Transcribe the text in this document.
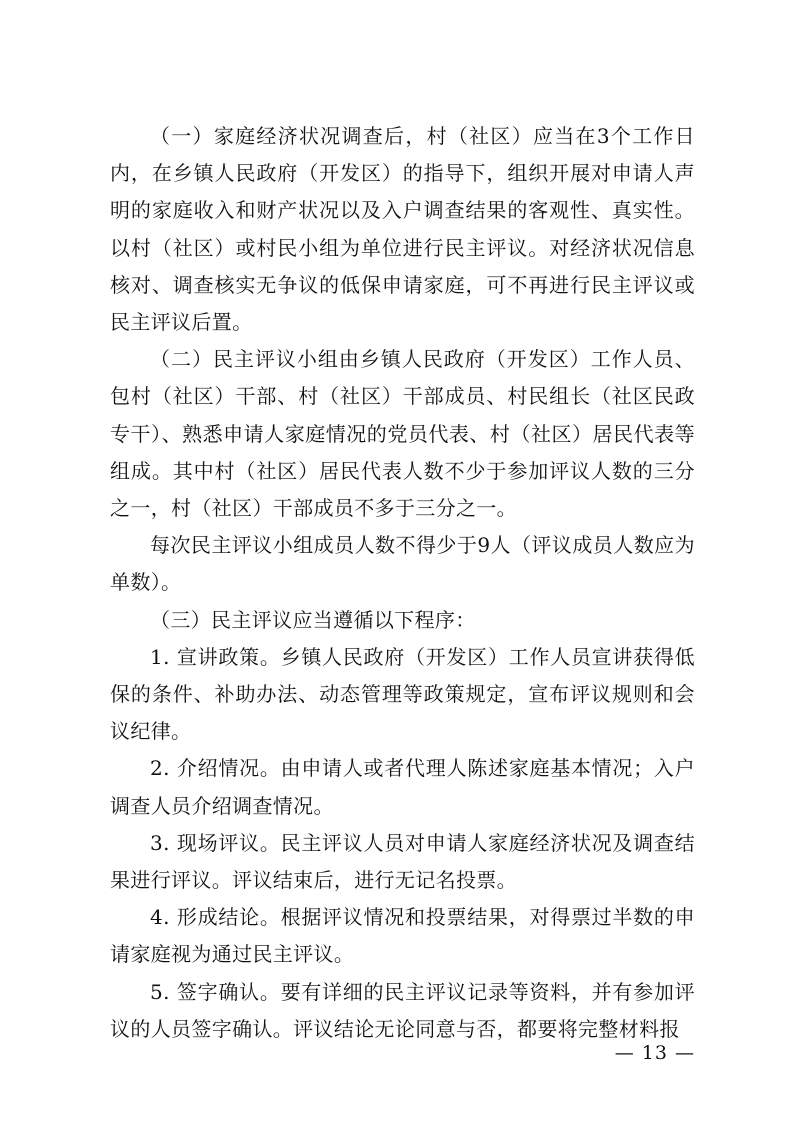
（一）家庭经济状况调查后，村（社区）应当在3个工作日内，在乡镇人民政府（开发区）的指导下，组织开展对申请人声明的家庭收入和财产状况以及入户调查结果的客观性、真实性。以村（社区）或村民小组为单位进行民主评议。对经济状况信息核对、调查核实无争议的低保申请家庭，可不再进行民主评议或民主评议后置。

（二）民主评议小组由乡镇人民政府（开发区）工作人员、包村（社区）干部、村（社区）干部成员、村民组长（社区民政专干）、熟悉申请人家庭情况的党员代表、村（社区）居民代表等组成。其中村（社区）居民代表人数不少于参加评议人数的三分之一，村（社区）干部成员不多于三分之一。

每次民主评议小组成员人数不得少于9人（评议成员人数应为单数）。

（三）民主评议应当遵循以下程序：

1. 宣讲政策。乡镇人民政府（开发区）工作人员宣讲获得低保的条件、补助办法、动态管理等政策规定，宣布评议规则和会议纪律。

2. 介绍情况。由申请人或者代理人陈述家庭基本情况；入户调查人员介绍调查情况。

3. 现场评议。民主评议人员对申请人家庭经济状况及调查结果进行评议。评议结束后，进行无记名投票。

4. 形成结论。根据评议情况和投票结果，对得票过半数的申请家庭视为通过民主评议。

5. 签字确认。要有详细的民主评议记录等资料，并有参加评议的人员签字确认。评议结论无论同意与否，都要将完整材料报

— 13 —
